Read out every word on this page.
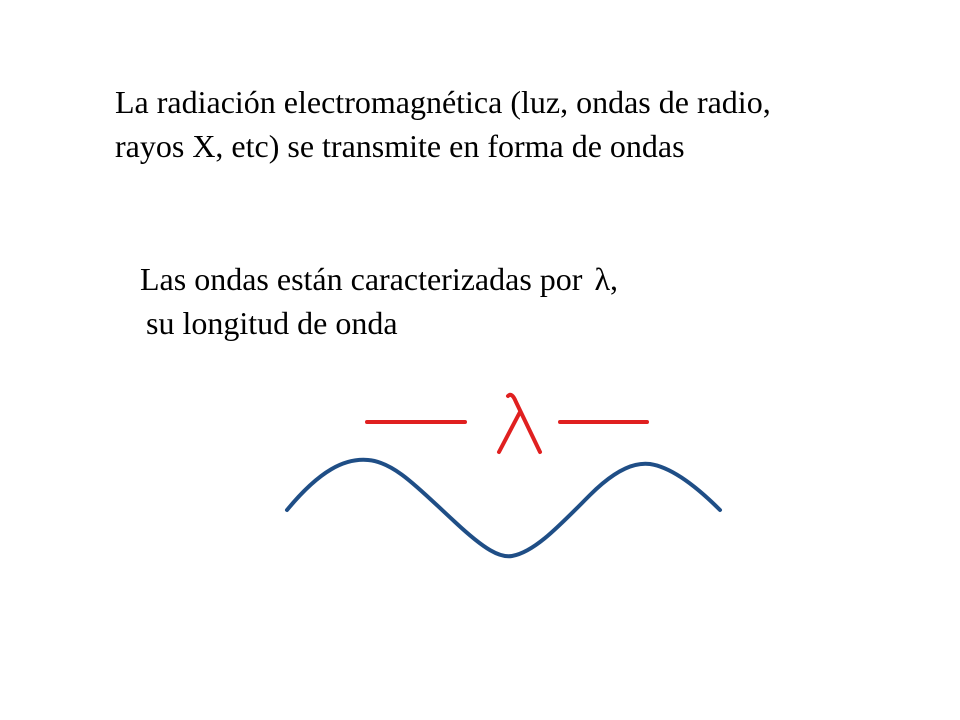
La radiación electromagnética (luz, ondas de radio,
rayos X, etc) se transmite en forma de ondas
Las ondas están caracterizadas por λ,
su longitud de onda
